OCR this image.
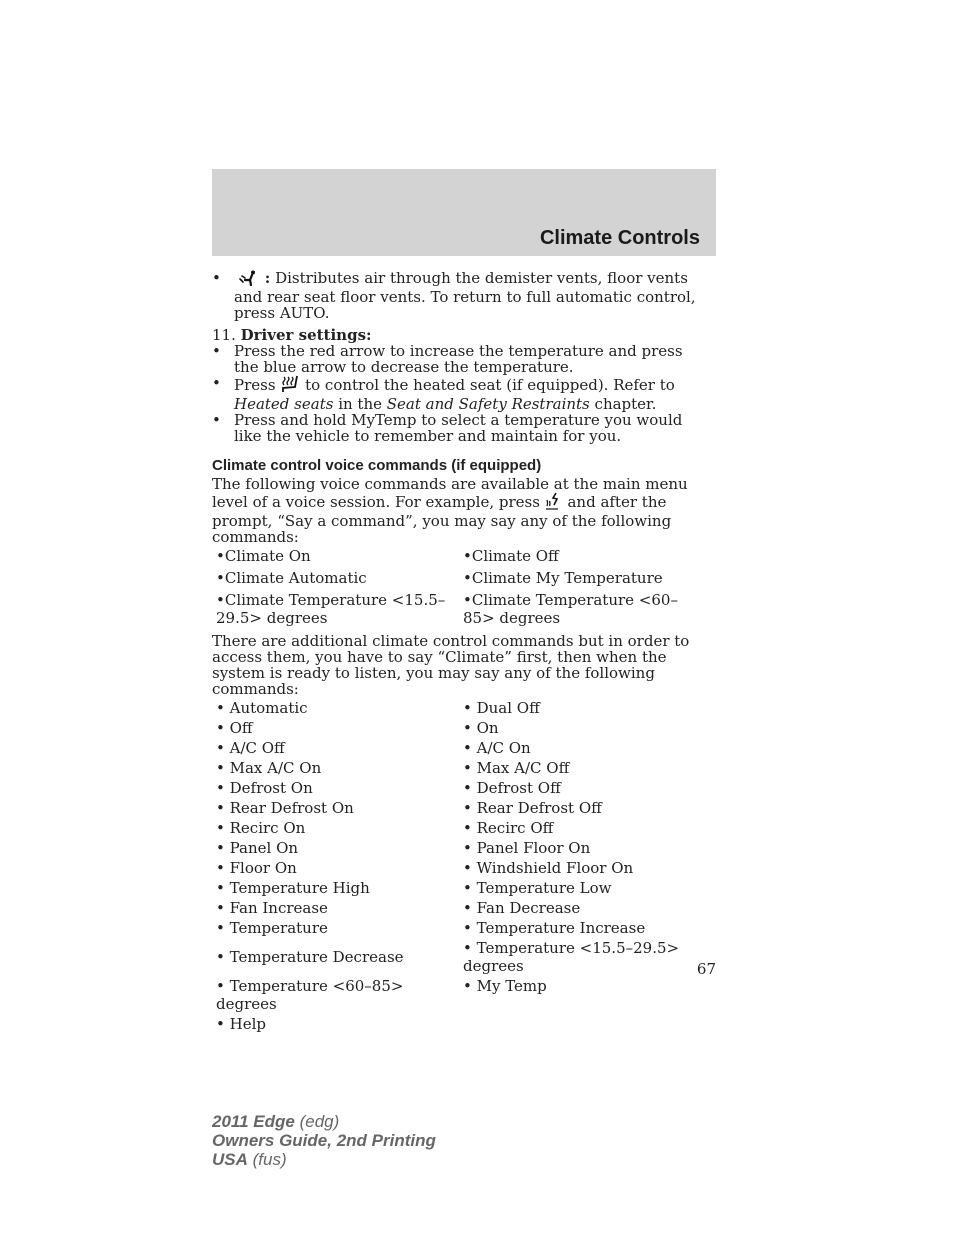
Climate Controls
•	: Distributes air through the demister vents, floor vents and rear seat floor vents. To return to full automatic control, press AUTO.
11. Driver settings:
• Press the red arrow to increase the temperature and press the blue arrow to decrease the temperature.
• Press to control the heated seat (if equipped). Refer to Heated seats in the Seat and Safety Restraints chapter.
• Press and hold MyTemp to select a temperature you would like the vehicle to remember and maintain for you.
Climate control voice commands (if equipped)

The following voice commands are available at the main menu level of a voice session. For example, press and after the prompt, “Say a command”, you may say any of the following commands:

•Climate On	•Climate Off
•Climate Automatic	•Climate My Temperature
•Climate Temperature <15.5–29.5> degrees	•Climate Temperature <60–85> degrees

There are additional climate control commands but in order to access them, you have to say “Climate” first, then when the system is ready to listen, you may say any of the following commands:

• Automatic	• Dual Off
• Off	• On
• A/C Off	• A/C On
• Max A/C On	• Max A/C Off
• Defrost On	• Defrost Off
• Rear Defrost On	• Rear Defrost Off
• Recirc On	• Recirc Off
• Panel On	• Panel Floor On
• Floor On	• Windshield Floor On
• Temperature High	• Temperature Low
• Fan Increase	• Fan Decrease
• Temperature	• Temperature Increase
• Temperature Decrease	• Temperature <15.5–29.5> degrees
• Temperature <60–85> degrees	• My Temp
• Help	
67
2011 Edge (edg)
Owners Guide, 2nd Printing
USA (fus)
